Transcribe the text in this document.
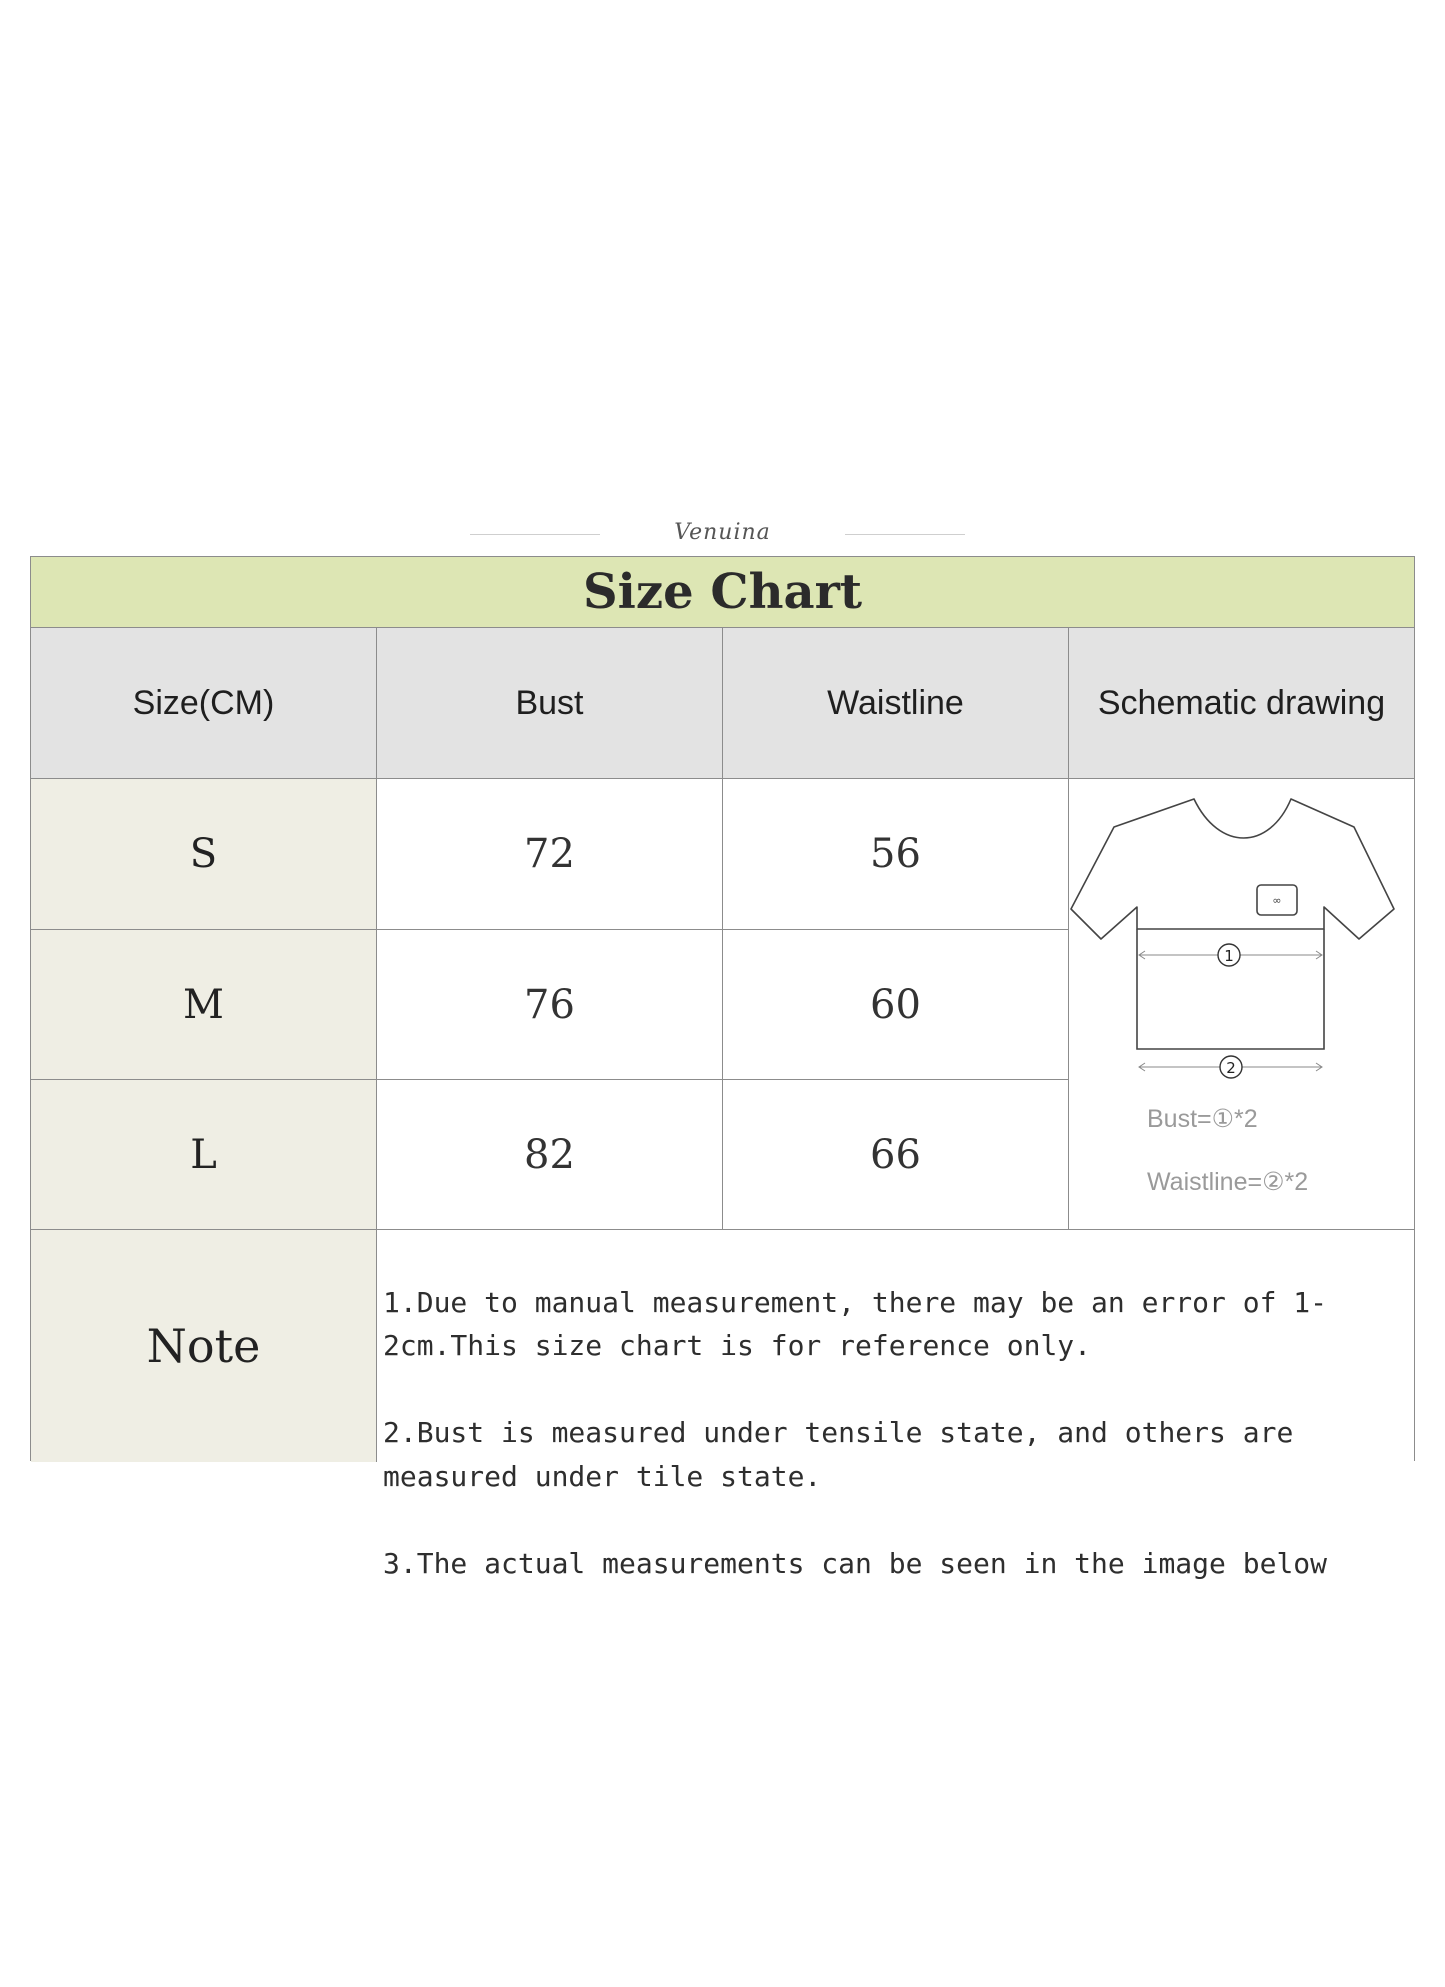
Venuina
Size Chart
Size(CM)	Bust	Waistline	Schematic drawing
S	72	56
M	76	60
L	82	66
∞
1
2
Bust=①*2
Waistline=②*2
Note

1.Due to manual measurement, there may be an error of 1-2cm.This size chart is for reference only.

2.Bust is measured under tensile state, and others are measured under tile state.

3.The actual measurements can be seen in the image below
